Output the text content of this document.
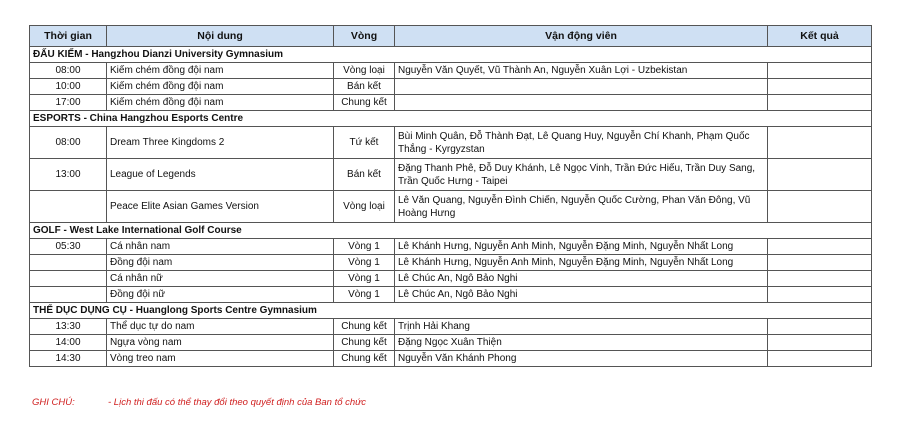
Thời gian	Nội dung	Vòng	Vận động viên	Kết quả
ĐẤU KIẾM - Hangzhou Dianzi University Gymnasium				
08:00	Kiếm chém đồng đội nam	Vòng loại	Nguyễn Văn Quyết, Vũ Thành An, Nguyễn Xuân Lợi - Uzbekistan	
10:00	Kiếm chém đồng đội nam	Bán kết		
17:00	Kiếm chém đồng đội nam	Chung kết		
ESPORTS - China Hangzhou Esports Centre				
08:00	Dream Three Kingdoms 2	Tứ kết	Bùi Minh Quân, Đỗ Thành Đạt, Lê Quang Huy, Nguyễn Chí Khanh, Phạm Quốc Thắng - Kyrgyzstan	
13:00	League of Legends	Bán kết	Đặng Thanh Phê, Đỗ Duy Khánh, Lê Ngọc Vinh, Trần Đức Hiếu, Trần Duy Sang, Trần Quốc Hưng - Taipei	
	Peace Elite Asian Games Version	Vòng loại	Lê Văn Quang, Nguyễn Đình Chiến, Nguyễn Quốc Cường, Phan Văn Đông, Vũ Hoàng Hưng	
GOLF - West Lake International Golf Course				
05:30	Cá nhân nam	Vòng 1	Lê Khánh Hưng, Nguyễn Anh Minh, Nguyễn Đặng Minh, Nguyễn Nhất Long	
	Đồng đội nam	Vòng 1	Lê Khánh Hưng, Nguyễn Anh Minh, Nguyễn Đặng Minh, Nguyễn Nhất Long	
	Cá nhân nữ	Vòng 1	Lê Chúc An, Ngô Bảo Nghi	
	Đồng đội nữ	Vòng 1	Lê Chúc An, Ngô Bảo Nghi	
THỂ DỤC DỤNG CỤ - Huanglong Sports Centre Gymnasium				
13:30	Thể dục tự do nam	Chung kết	Trịnh Hải Khang	
14:00	Ngựa vòng nam	Chung kết	Đặng Ngọc Xuân Thiện	
14:30	Vòng treo nam	Chung kết	Nguyễn Văn Khánh Phong	
GHI CHÚ:	- Lịch thi đấu có thể thay đổi theo quyết định của Ban tổ chức
